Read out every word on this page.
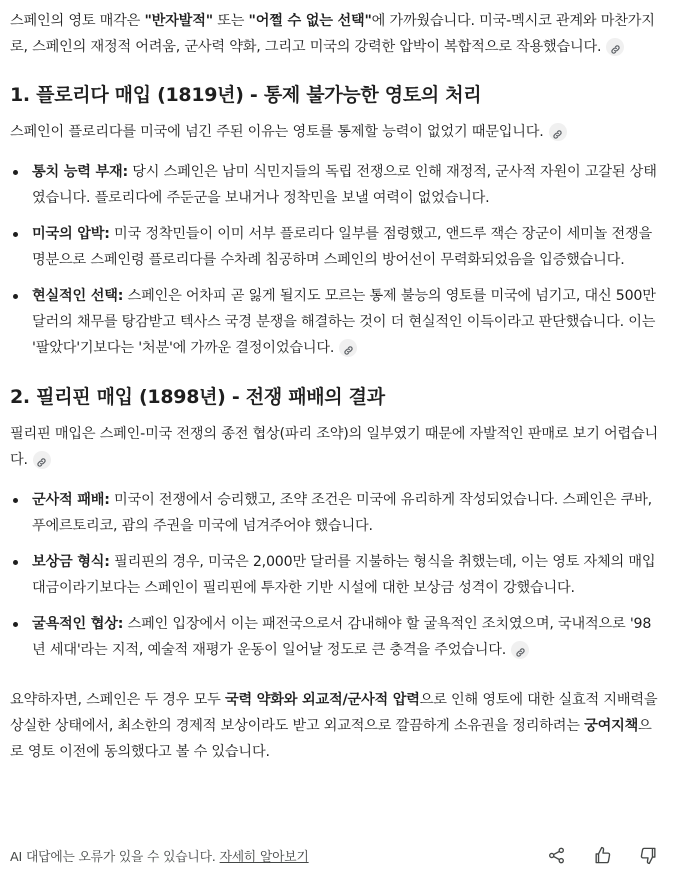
스페인의 영토 매각은 "반자발적" 또는 "어쩔 수 없는 선택"에 가까웠습니다. 미국-멕시코 관계와 마찬가지로, 스페인의 재정적 어려움, 군사력 약화, 그리고 미국의 강력한 압박이 복합적으로 작용했습니다.

1. 플로리다 매입 (1819년) - 통제 불가능한 영토의 처리

스페인이 플로리다를 미국에 넘긴 주된 이유는 영토를 통제할 능력이 없었기 때문입니다.

통치 능력 부재: 당시 스페인은 남미 식민지들의 독립 전쟁으로 인해 재정적, 군사적 자원이 고갈된 상태였습니다. 플로리다에 주둔군을 보내거나 정착민을 보낼 여력이 없었습니다.
미국의 압박: 미국 정착민들이 이미 서부 플로리다 일부를 점령했고, 앤드루 잭슨 장군이 세미놀 전쟁을 명분으로 스페인령 플로리다를 수차례 침공하며 스페인의 방어선이 무력화되었음을 입증했습니다.
현실적인 선택: 스페인은 어차피 곧 잃게 될지도 모르는 통제 불능의 영토를 미국에 넘기고, 대신 500만 달러의 채무를 탕감받고 텍사스 국경 분쟁을 해결하는 것이 더 현실적인 이득이라고 판단했습니다. 이는 '팔았다'기보다는 '처분'에 가까운 결정이었습니다.
2. 필리핀 매입 (1898년) - 전쟁 패배의 결과

필리핀 매입은 스페인-미국 전쟁의 종전 협상(파리 조약)의 일부였기 때문에 자발적인 판매로 보기 어렵습니다.

군사적 패배: 미국이 전쟁에서 승리했고, 조약 조건은 미국에 유리하게 작성되었습니다. 스페인은 쿠바, 푸에르토리코, 괌의 주권을 미국에 넘겨주어야 했습니다.
보상금 형식: 필리핀의 경우, 미국은 2,000만 달러를 지불하는 형식을 취했는데, 이는 영토 자체의 매입 대금이라기보다는 스페인이 필리핀에 투자한 기반 시설에 대한 보상금 성격이 강했습니다.
굴욕적인 협상: 스페인 입장에서 이는 패전국으로서 감내해야 할 굴욕적인 조치였으며, 국내적으로 '98년 세대'라는 지적, 예술적 재평가 운동이 일어날 정도로 큰 충격을 주었습니다.

요약하자면, 스페인은 두 경우 모두 국력 약화와 외교적/군사적 압력으로 인해 영토에 대한 실효적 지배력을 상실한 상태에서, 최소한의 경제적 보상이라도 받고 외교적으로 깔끔하게 소유권을 정리하려는 궁여지책으로 영토 이전에 동의했다고 볼 수 있습니다.

AI 대답에는 오류가 있을 수 있습니다. 자세히 알아보기
